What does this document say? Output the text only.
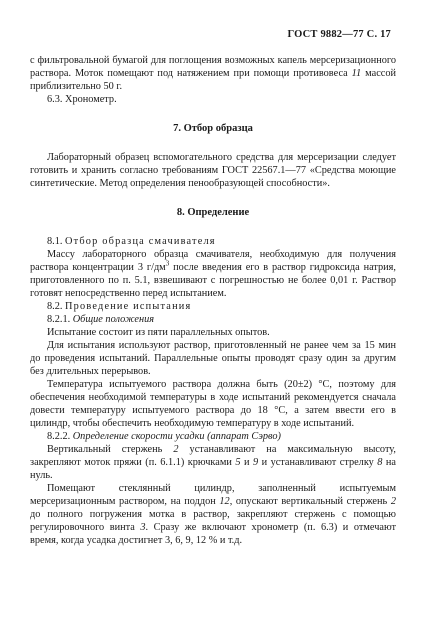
ГОСТ 9882—77 С. 17

с фильтровальной бумагой для поглощения возможных капель мерсеризационного раствора. Моток помещают под натяжением при помощи противовеса 11 массой приблизительно 50 г.

6.3. Хронометр.

7. Отбор образца

Лабораторный образец вспомогательного средства для мерсеризации следует готовить и хранить согласно требованиям ГОСТ 22567.1—77 «Средства моющие синтетические. Метод определения пенообразующей способности».

8. Определение

8.1. Отбор образца смачивателя

Массу лабораторного образца смачивателя, необходимую для получения раствора концентрации 3 $г/дм^3$ после введения его в раствор гидроксида натрия, приготовленного по п. 5.1, взвешивают с погрешностью не более 0,01 г. Раствор готовят непосредственно перед испытанием.

8.2. Проведение испытания

8.2.1. Общие положения

Испытание состоит из пяти параллельных опытов.

Для испытания используют раствор, приготовленный не ранее чем за 15 мин до проведения испытаний. Параллельные опыты проводят сразу один за другим без длительных перерывов.

Температура испытуемого раствора должна быть (20±2) °С, поэтому для обеспечения необходимой температуры в ходе испытаний рекомендуется сначала довести температуру испытуемого раствора до 18 °С, а затем ввести его в цилиндр, чтобы обеспечить необходимую температуру в ходе испытаний.

8.2.2. Определение скорости усадки (аппарат Сэрво)

Вертикальный стержень 2 устанавливают на максимальную высоту, закрепляют моток пряжи (п. 6.1.1) крючками 5 и 9 и устанавливают стрелку 8 на нуль.

Помещают стеклянный цилиндр, заполненный испытуемым мерсеризационным раствором, на поддон 12, опускают вертикальный стержень 2 до полного погружения мотка в раствор, закрепляют стержень с помощью регулировочного винта 3. Сразу же включают хронометр (п. 6.3) и отмечают время, когда усадка достигнет 3, 6, 9, 12 % и т.д.
